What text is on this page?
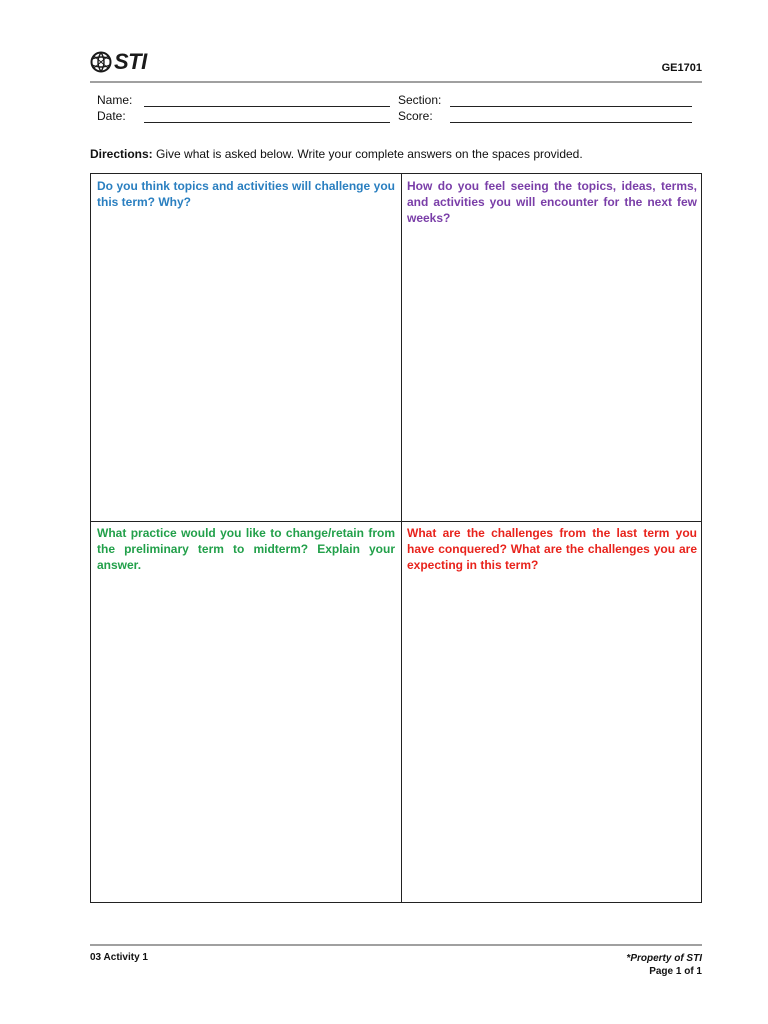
STI	GE1701
Name:
Date:
Section:
Score:
Directions: Give what is asked below. Write your complete answers on the spaces provided.
Do you think topics and activities will challenge you this term? Why?
How do you feel seeing the topics, ideas, terms, and activities you will encounter for the next few weeks?
What practice would you like to change/retain from the preliminary term to midterm? Explain your answer.
What are the challenges from the last term you have conquered? What are the challenges you are expecting in this term?
03 Activity 1	*Property of STI
Page 1 of 1
